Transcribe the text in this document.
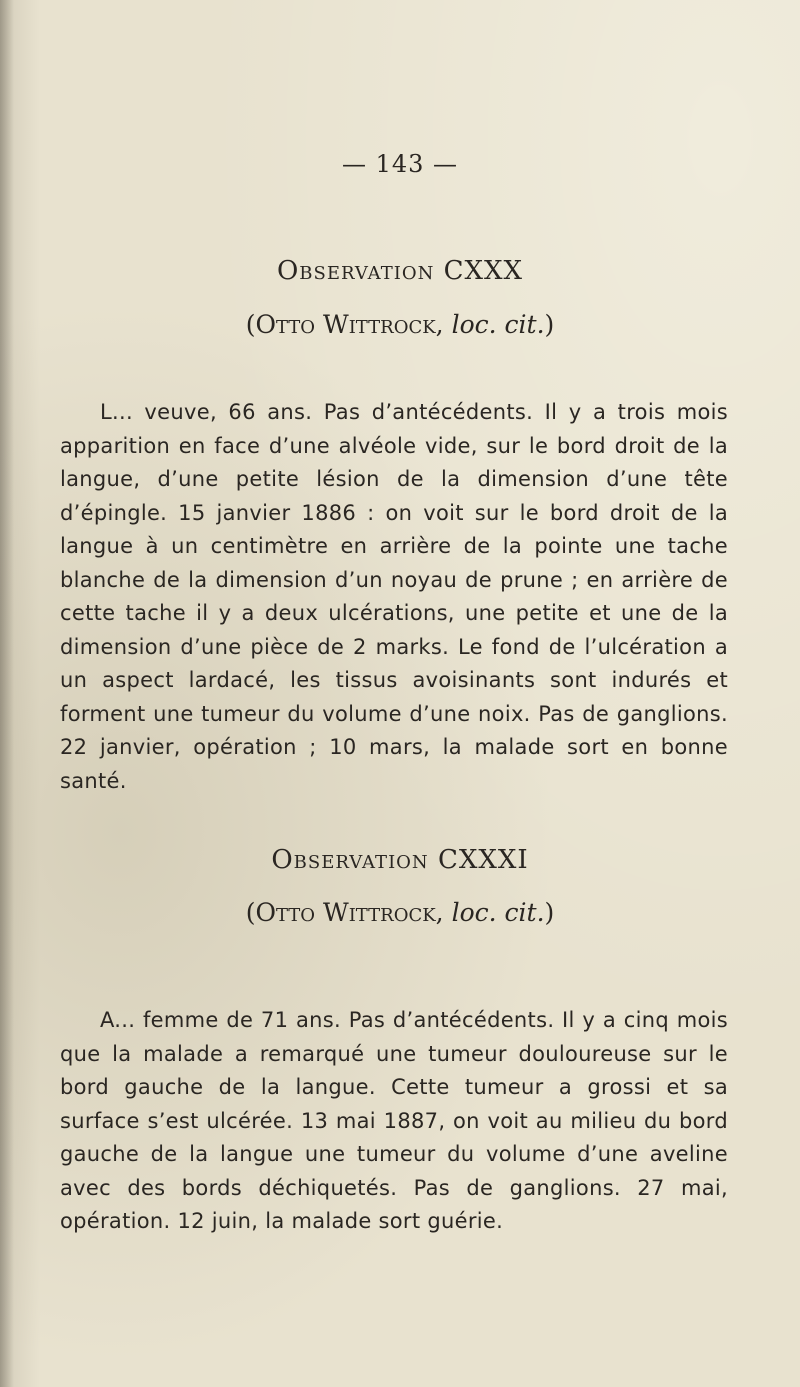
— 143 —
Observation CXXX
(Otto Wittrock, loc. cit.)

L... veuve, 66 ans. Pas d’antécédents. Il y a trois mois apparition en face d’une alvéole vide, sur le bord droit de la langue, d’une petite lésion de la dimension d’une tête d’épingle. 15 janvier 1886 : on voit sur le bord droit de la langue à un centimètre en arrière de la pointe une tache blanche de la dimension d’un noyau de prune ; en arrière de cette tache il y a deux ulcérations, une petite et une de la dimension d’une pièce de 2 marks. Le fond de l’ulcération a un aspect lardacé, les tissus avoisinants sont indurés et forment une tumeur du volume d’une noix. Pas de ganglions. 22 janvier, opération ; 10 mars, la malade sort en bonne santé.

Observation CXXXI
(Otto Wittrock, loc. cit.)

A... femme de 71 ans. Pas d’antécédents. Il y a cinq mois que la malade a remarqué une tumeur douloureuse sur le bord gauche de la langue. Cette tumeur a grossi et sa surface s’est ulcérée. 13 mai 1887, on voit au milieu du bord gauche de la langue une tumeur du volume d’une aveline avec des bords déchiquetés. Pas de ganglions. 27 mai, opération. 12 juin, la malade sort guérie.
